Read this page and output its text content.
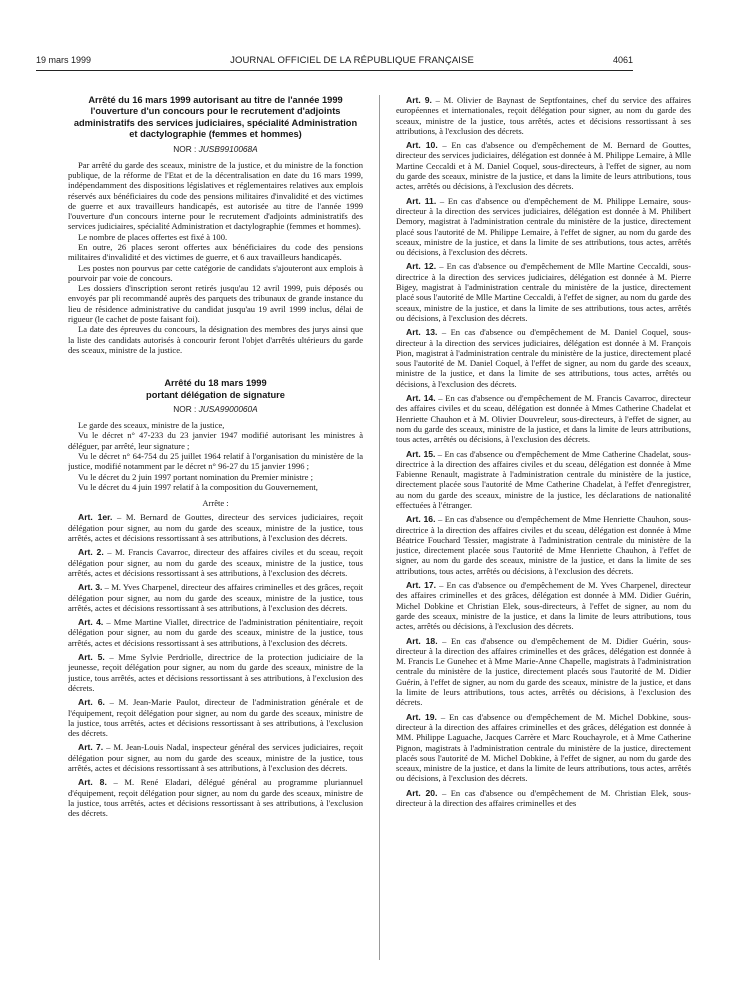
19 mars 1999	JOURNAL OFFICIEL DE LA RÉPUBLIQUE FRANÇAISE	4061
Arrêté du 16 mars 1999 autorisant au titre de l'année 1999 l'ouverture d'un concours pour le recrutement d'adjoints administratifs des services judiciaires, spécialité Administration et dactylographie (femmes et hommes)
NOR : JUSB9910068A

Par arrêté du garde des sceaux, ministre de la justice, et du ministre de la fonction publique, de la réforme de l'Etat et de la décentralisation en date du 16 mars 1999, indépendamment des dispositions législatives et réglementaires relatives aux emplois réservés aux bénéficiaires du code des pensions militaires d'invalidité et des victimes de guerre et aux travailleurs handicapés, est autorisée au titre de l'année 1999 l'ouverture d'un concours interne pour le recrutement d'adjoints administratifs des services judiciaires, spécialité Administration et dactylographie (femmes et hommes).

Le nombre de places offertes est fixé à 100.

En outre, 26 places seront offertes aux bénéficiaires du code des pensions militaires d'invalidité et des victimes de guerre, et 6 aux travailleurs handicapés.

Les postes non pourvus par cette catégorie de candidats s'ajouteront aux emplois à pourvoir par voie de concours.

Les dossiers d'inscription seront retirés jusqu'au 12 avril 1999, puis déposés ou envoyés par pli recommandé auprès des parquets des tribunaux de grande instance du lieu de résidence administrative du candidat jusqu'au 19 avril 1999 inclus, délai de rigueur (le cachet de poste faisant foi).

La date des épreuves du concours, la désignation des membres des jurys ainsi que la liste des candidats autorisés à concourir feront l'objet d'arrêtés ultérieurs du garde des sceaux, ministre de la justice.

Arrêté du 18 mars 1999
portant délégation de signature
NOR : JUSA9900060A

Le garde des sceaux, ministre de la justice,

Vu le décret n° 47-233 du 23 janvier 1947 modifié autorisant les ministres à déléguer, par arrêté, leur signature ;

Vu le décret n° 64-754 du 25 juillet 1964 relatif à l'organisation du ministère de la justice, modifié notamment par le décret n° 96-27 du 15 janvier 1996 ;

Vu le décret du 2 juin 1997 portant nomination du Premier ministre ;

Vu le décret du 4 juin 1997 relatif à la composition du Gouvernement,

Arrête :

Art. 1er. – M. Bernard de Gouttes, directeur des services judiciaires, reçoit délégation pour signer, au nom du garde des sceaux, ministre de la justice, tous arrêtés, actes et décisions ressortissant à ses attributions, à l'exclusion des décrets.

Art. 2. – M. Francis Cavarroc, directeur des affaires civiles et du sceau, reçoit délégation pour signer, au nom du garde des sceaux, ministre de la justice, tous arrêtés, actes et décisions ressortissant à ses attributions, à l'exclusion des décrets.

Art. 3. – M. Yves Charpenel, directeur des affaires criminelles et des grâces, reçoit délégation pour signer, au nom du garde des sceaux, ministre de la justice, tous arrêtés, actes et décisions ressortissant à ses attributions, à l'exclusion des décrets.

Art. 4. – Mme Martine Viallet, directrice de l'administration pénitentiaire, reçoit délégation pour signer, au nom du garde des sceaux, ministre de la justice, tous arrêtés, actes et décisions ressortissant à ses attributions, à l'exclusion des décrets.

Art. 5. – Mme Sylvie Perdriolle, directrice de la protection judiciaire de la jeunesse, reçoit délégation pour signer, au nom du garde des sceaux, ministre de la justice, tous arrêtés, actes et décisions ressortissant à ses attributions, à l'exclusion des décrets.

Art. 6. – M. Jean-Marie Paulot, directeur de l'administration générale et de l'équipement, reçoit délégation pour signer, au nom du garde des sceaux, ministre de la justice, tous arrêtés, actes et décisions ressortissant à ses attributions, à l'exclusion des décrets.

Art. 7. – M. Jean-Louis Nadal, inspecteur général des services judiciaires, reçoit délégation pour signer, au nom du garde des sceaux, ministre de la justice, tous arrêtés, actes et décisions ressortissant à ses attributions, à l'exclusion des décrets.

Art. 8. – M. René Eladari, délégué général au programme pluriannuel d'équipement, reçoit délégation pour signer, au nom du garde des sceaux, ministre de la justice, tous arrêtés, actes et décisions ressortissant à ses attributions, à l'exclusion des décrets.

Art. 9. – M. Olivier de Baynast de Septfontaines, chef du service des affaires européennes et internationales, reçoit délégation pour signer, au nom du garde des sceaux, ministre de la justice, tous arrêtés, actes et décisions ressortissant à ses attributions, à l'exclusion des décrets.

Art. 10. – En cas d'absence ou d'empêchement de M. Bernard de Gouttes, directeur des services judiciaires, délégation est donnée à M. Philippe Lemaire, à Mlle Martine Ceccaldi et à M. Daniel Coquel, sous-directeurs, à l'effet de signer, au nom du garde des sceaux, ministre de la justice, et dans la limite de leurs attributions, tous actes, arrêtés ou décisions, à l'exclusion des décrets.

Art. 11. – En cas d'absence ou d'empêchement de M. Philippe Lemaire, sous-directeur à la direction des services judiciaires, délégation est donnée à M. Philibert Demory, magistrat à l'administration centrale du ministère de la justice, directement placé sous l'autorité de M. Philippe Lemaire, à l'effet de signer, au nom du garde des sceaux, ministre de la justice, et dans la limite de ses attributions, tous actes, arrêtés ou décisions, à l'exclusion des décrets.

Art. 12. – En cas d'absence ou d'empêchement de Mlle Martine Ceccaldi, sous-directrice à la direction des services judiciaires, délégation est donnée à M. Pierre Bigey, magistrat à l'administration centrale du ministère de la justice, directement placé sous l'autorité de Mlle Martine Ceccaldi, à l'effet de signer, au nom du garde des sceaux, ministre de la justice, et dans la limite de ses attributions, tous actes, arrêtés ou décisions, à l'exclusion des décrets.

Art. 13. – En cas d'absence ou d'empêchement de M. Daniel Coquel, sous-directeur à la direction des services judiciaires, délégation est donnée à M. François Pion, magistrat à l'administration centrale du ministère de la justice, directement placé sous l'autorité de M. Daniel Coquel, à l'effet de signer, au nom du garde des sceaux, ministre de la justice, et dans la limite de ses attributions, tous actes, arrêtés ou décisions, à l'exclusion des décrets.

Art. 14. – En cas d'absence ou d'empêchement de M. Francis Cavarroc, directeur des affaires civiles et du sceau, délégation est donnée à Mmes Catherine Chadelat et Henriette Chauhon et à M. Olivier Douvreleur, sous-directeurs, à l'effet de signer, au nom du garde des sceaux, ministre de la justice, et dans la limite de leurs attributions, tous actes, arrêtés ou décisions, à l'exclusion des décrets.

Art. 15. – En cas d'absence ou d'empêchement de Mme Catherine Chadelat, sous-directrice à la direction des affaires civiles et du sceau, délégation est donnée à Mme Fabienne Renault, magistrate à l'administration centrale du ministère de la justice, directement placée sous l'autorité de Mme Catherine Chadelat, à l'effet d'enregistrer, au nom du garde des sceaux, ministre de la justice, les déclarations de nationalité effectuées à l'étranger.

Art. 16. – En cas d'absence ou d'empêchement de Mme Henriette Chauhon, sous-directrice à la direction des affaires civiles et du sceau, délégation est donnée à Mme Béatrice Fouchard Tessier, magistrate à l'administration centrale du ministère de la justice, directement placée sous l'autorité de Mme Henriette Chauhon, à l'effet de signer, au nom du garde des sceaux, ministre de la justice, et dans la limite de ses attributions, tous actes, arrêtés ou décisions, à l'exclusion des décrets.

Art. 17. – En cas d'absence ou d'empêchement de M. Yves Charpenel, directeur des affaires criminelles et des grâces, délégation est donnée à MM. Didier Guérin, Michel Dobkine et Christian Elek, sous-directeurs, à l'effet de signer, au nom du garde des sceaux, ministre de la justice, et dans la limite de leurs attributions, tous actes, arrêtés ou décisions, à l'exclusion des décrets.

Art. 18. – En cas d'absence ou d'empêchement de M. Didier Guérin, sous-directeur à la direction des affaires criminelles et des grâces, délégation est donnée à M. Francis Le Gunehec et à Mme Marie-Anne Chapelle, magistrats à l'administration centrale du ministère de la justice, directement placés sous l'autorité de M. Didier Guérin, à l'effet de signer, au nom du garde des sceaux, ministre de la justice, et dans la limite de leurs attributions, tous actes, arrêtés ou décisions, à l'exclusion des décrets.

Art. 19. – En cas d'absence ou d'empêchement de M. Michel Dobkine, sous-directeur à la direction des affaires criminelles et des grâces, délégation est donnée à MM. Philippe Laguache, Jacques Carrère et Marc Rouchayrole, et à Mme Catherine Pignon, magistrats à l'administration centrale du ministère de la justice, directement placés sous l'autorité de M. Michel Dobkine, à l'effet de signer, au nom du garde des sceaux, ministre de la justice, et dans la limite de leurs attributions, tous actes, arrêtés ou décisions, à l'exclusion des décrets.

Art. 20. – En cas d'absence ou d'empêchement de M. Christian Elek, sous-directeur à la direction des affaires criminelles et des
